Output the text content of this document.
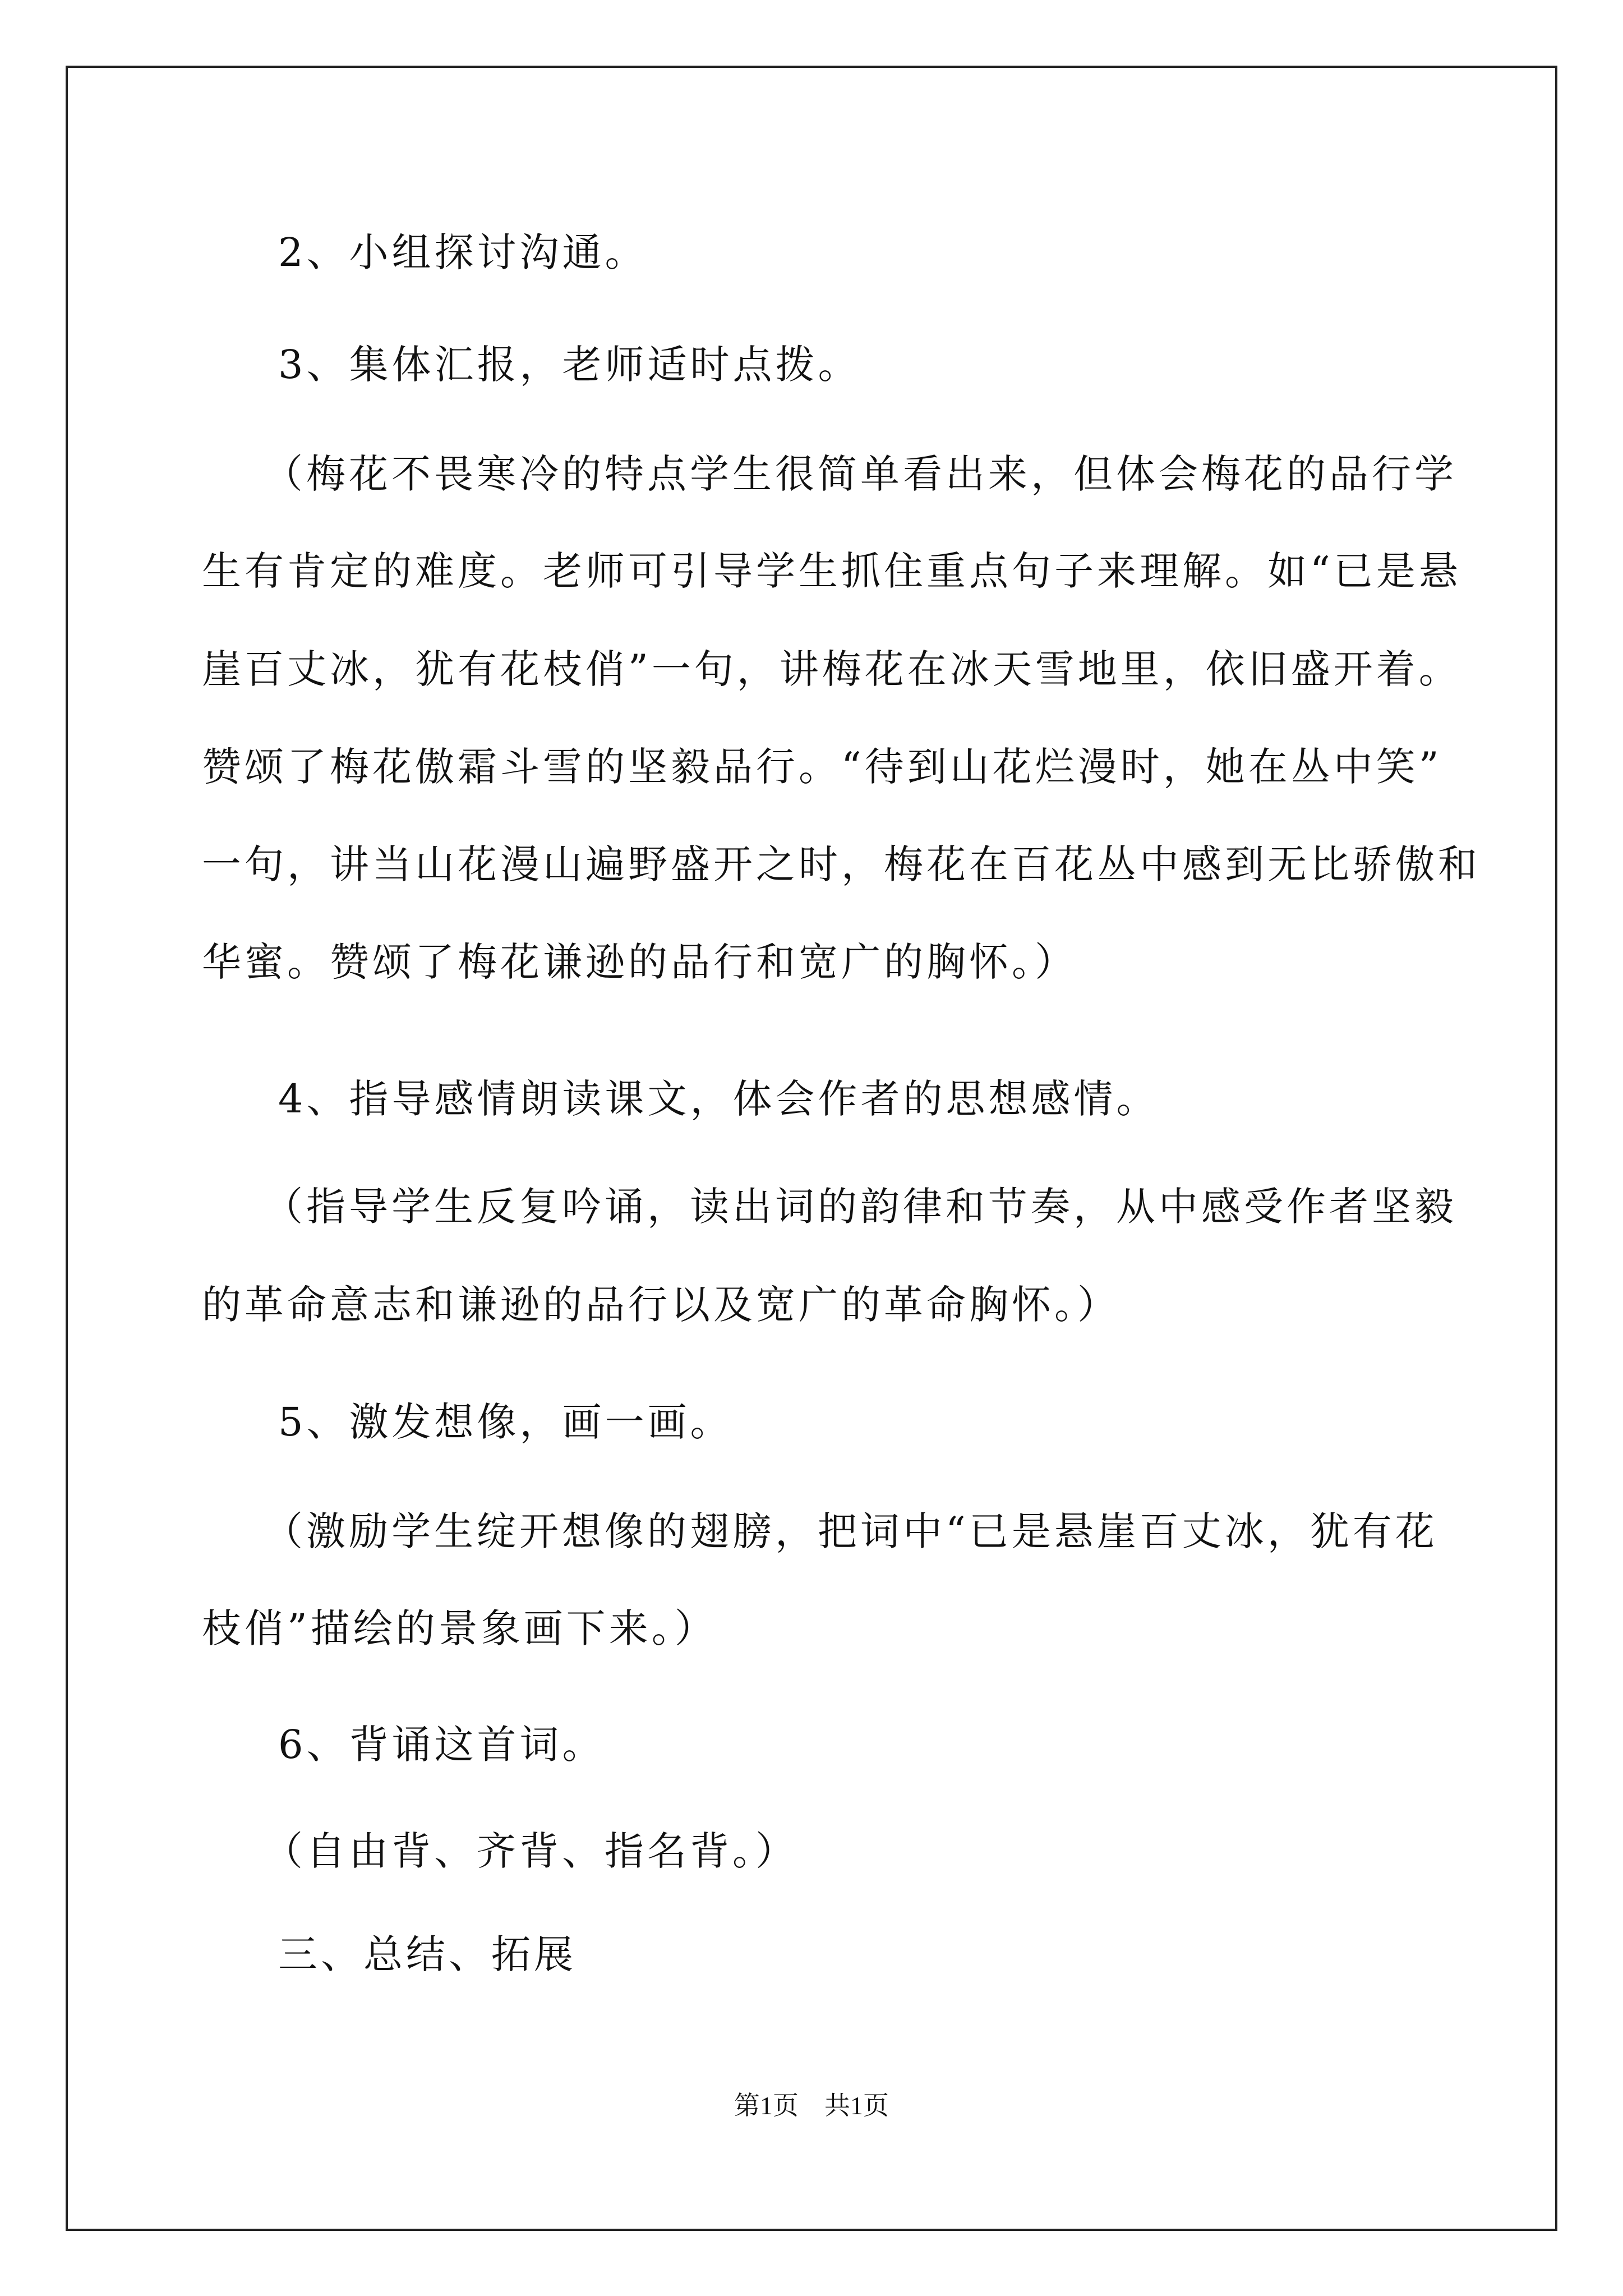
2、小组探讨沟通。
3、集体汇报，老师适时点拨。
（梅花不畏寒冷的特点学生很简单看出来，但体会梅花的品行学
生有肯定的难度。老师可引导学生抓住重点句子来理解。如“已是悬
崖百丈冰，犹有花枝俏”一句，讲梅花在冰天雪地里，依旧盛开着。
赞颂了梅花傲霜斗雪的坚毅品行。“待到山花烂漫时，她在丛中笑”
一句，讲当山花漫山遍野盛开之时，梅花在百花丛中感到无比骄傲和
华蜜。赞颂了梅花谦逊的品行和宽广的胸怀。）
4、指导感情朗读课文，体会作者的思想感情。
（指导学生反复吟诵，读出词的韵律和节奏，从中感受作者坚毅
的革命意志和谦逊的品行以及宽广的革命胸怀。）
5、激发想像，画一画。
（激励学生绽开想像的翅膀，把词中“已是悬崖百丈冰，犹有花
枝俏”描绘的景象画下来。）
6、背诵这首词。
（自由背、齐背、指名背。）
三、总结、拓展
第1页　共1页
